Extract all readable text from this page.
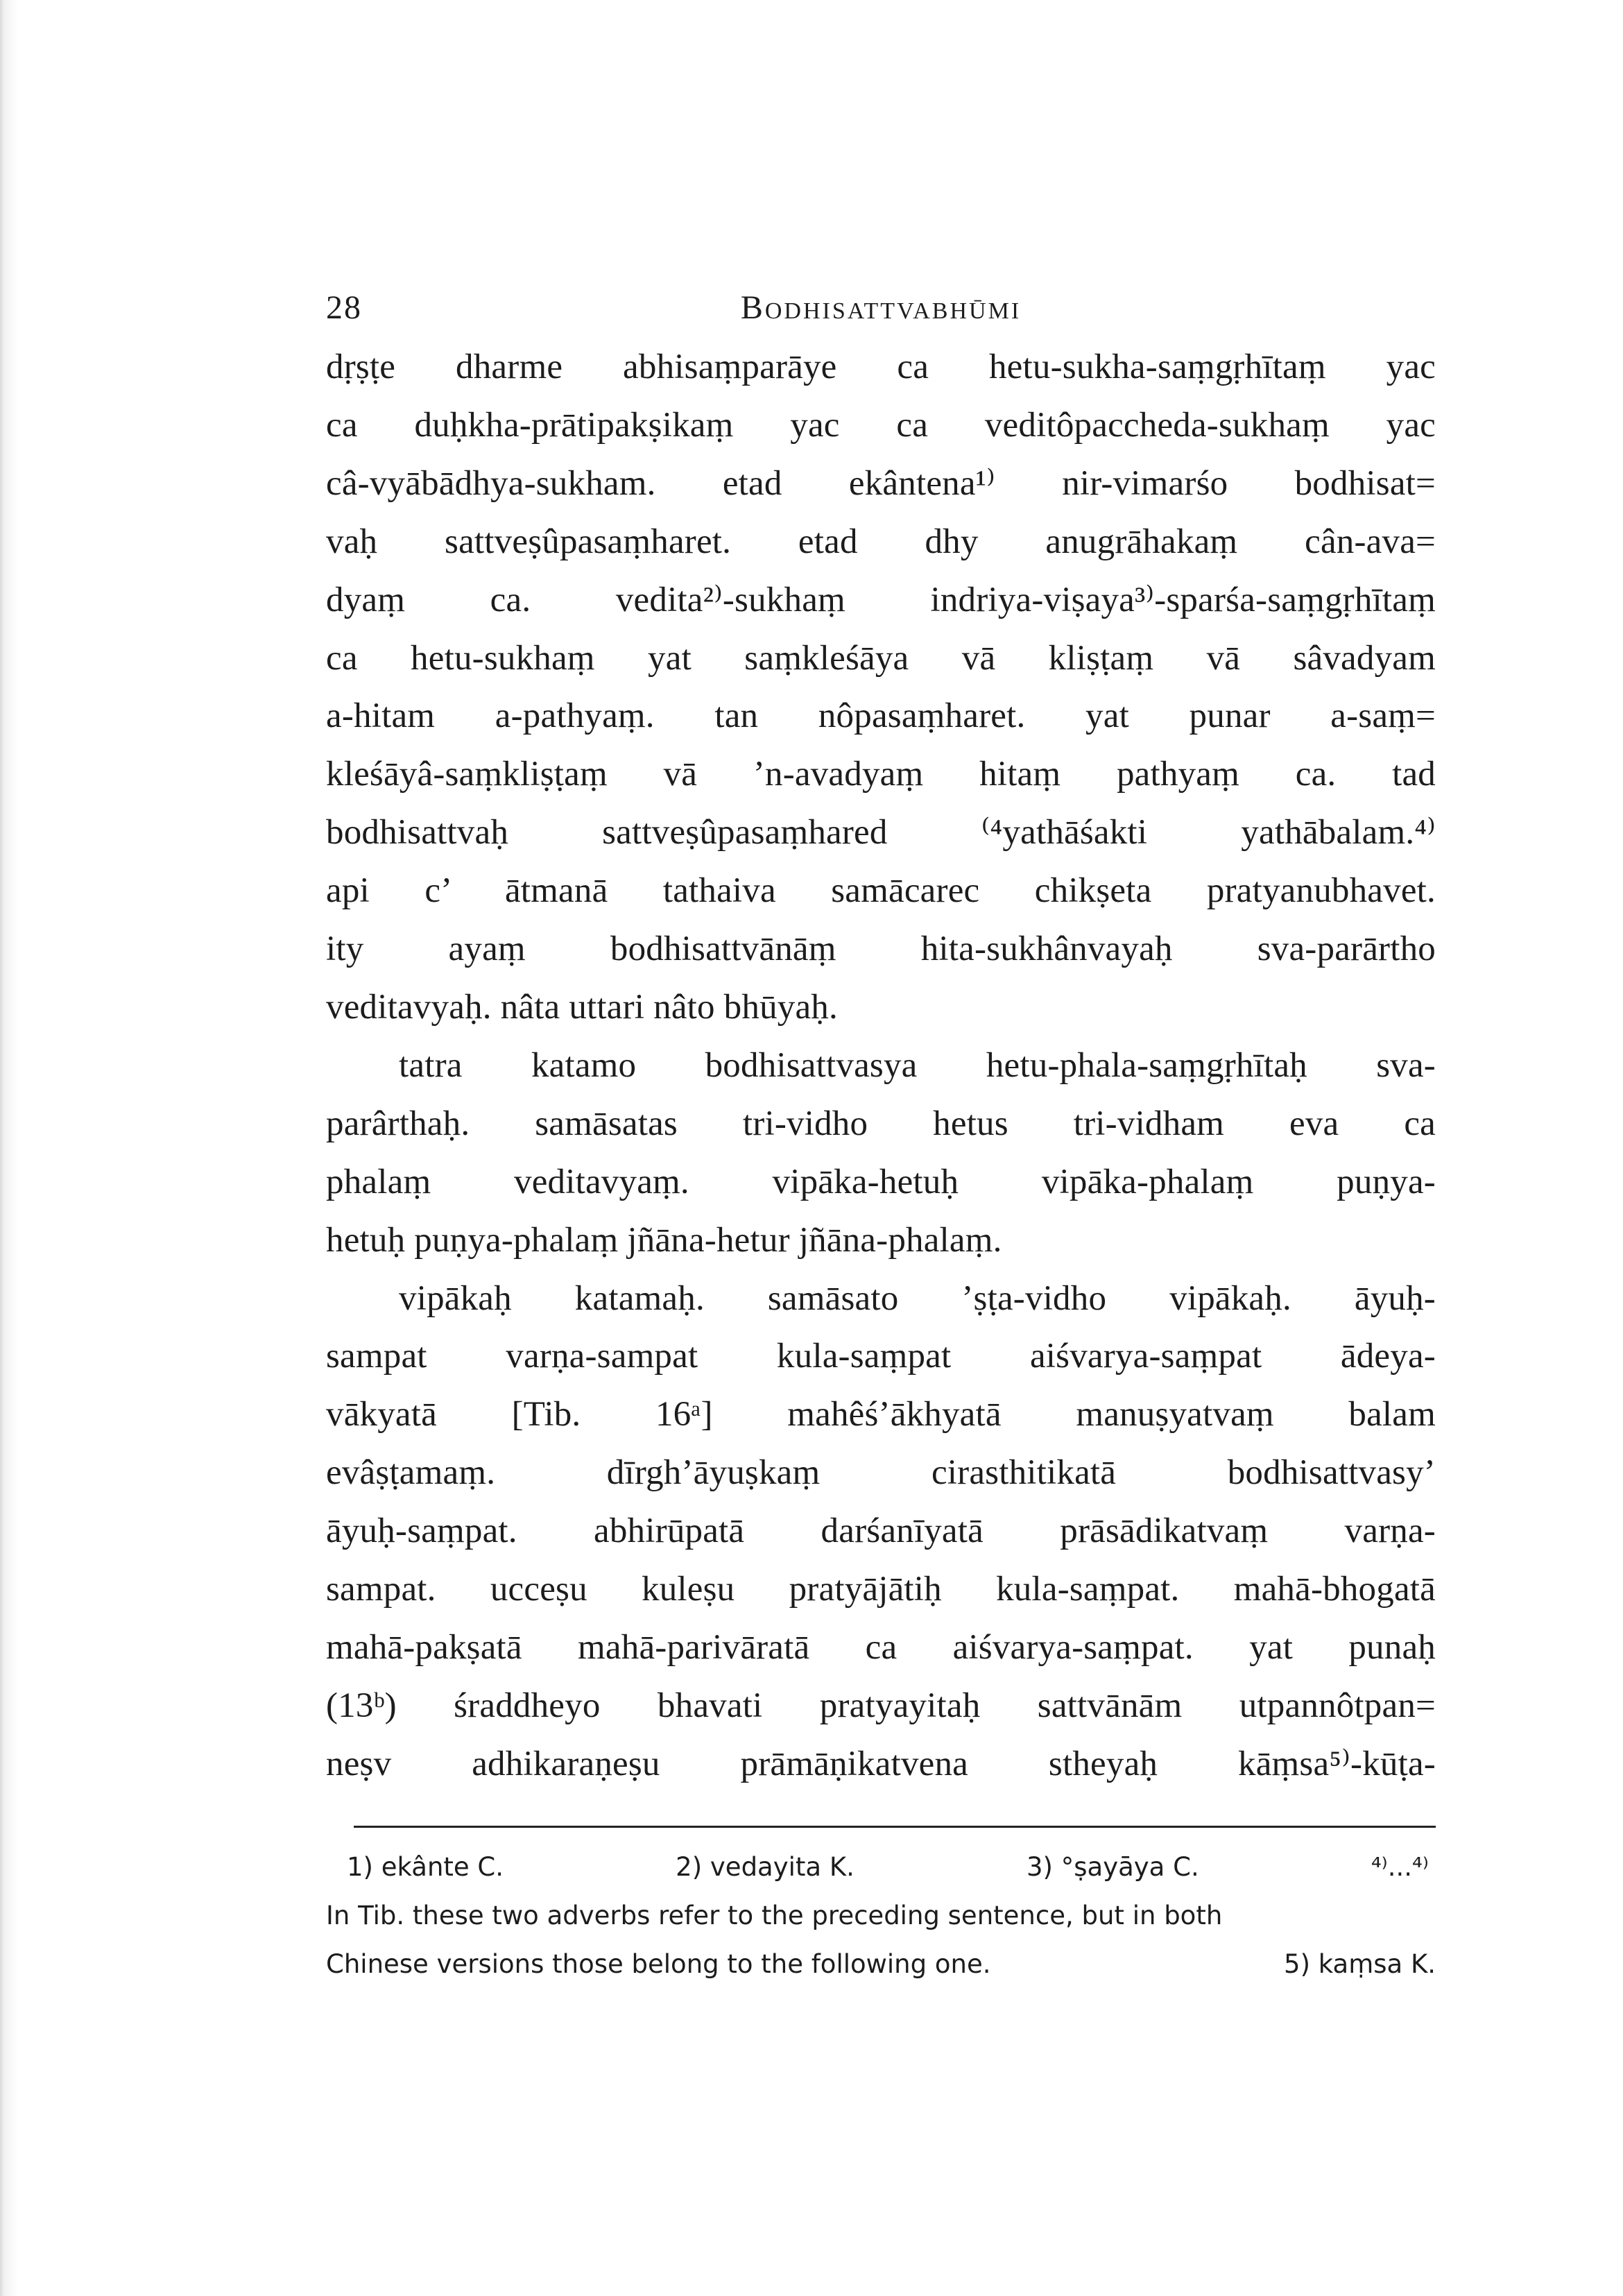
28	Bodhisattvabhūmi
dṛṣṭe dharme abhisaṃparāye ca hetu-sukha-saṃgṛhītaṃ yac
ca duḥkha-prātipakṣikaṃ yac ca veditôpaccheda-sukhaṃ yac
câ-vyābādhya-sukham. etad ekântena¹⁾ nir-vimarśo bodhisat=
vaḥ sattveṣûpasaṃharet. etad dhy anugrāhakaṃ cân-ava=
dyaṃ ca. vedita²⁾-sukhaṃ indriya-viṣaya³⁾-sparśa-saṃgṛhītaṃ
ca hetu-sukhaṃ yat saṃkleśāya vā kliṣṭaṃ vā sâvadyam
a-hitam a-pathyaṃ. tan nôpasaṃharet. yat punar a-saṃ=
kleśāyâ-saṃkliṣṭaṃ vā ’n-avadyaṃ hitaṃ pathyaṃ ca. tad
bodhisattvaḥ sattveṣûpasaṃhared ⁽⁴yathāśakti yathābalam.⁴⁾
api c’ ātmanā tathaiva samācarec chikṣeta pratyanubhavet.
ity ayaṃ bodhisattvānāṃ hita-sukhânvayaḥ sva-parārtho
veditavyaḥ. nâta uttari nâto bhūyaḥ.
tatra katamo bodhisattvasya hetu-phala-saṃgṛhītaḥ sva-
parârthaḥ. samāsatas tri-vidho hetus tri-vidham eva ca
phalaṃ veditavyaṃ. vipāka-hetuḥ vipāka-phalaṃ puṇya-
hetuḥ puṇya-phalaṃ jñāna-hetur jñāna-phalaṃ.
vipākaḥ katamaḥ. samāsato ’ṣṭa-vidho vipākaḥ. āyuḥ-
sampat varṇa-sampat kula-saṃpat aiśvarya-saṃpat ādeya-
vākyatā [Tib. 16ᵃ] mahêś’ākhyatā manuṣyatvaṃ balam
evâṣṭamaṃ. dīrgh’āyuṣkaṃ cirasthitikatā bodhisattvasy’
āyuḥ-saṃpat. abhirūpatā darśanīyatā prāsādikatvaṃ varṇa-
sampat. ucceṣu kuleṣu pratyājātiḥ kula-saṃpat. mahā-bhogatā
mahā-pakṣatā mahā-parivāratā ca aiśvarya-saṃpat. yat punaḥ
(13ᵇ) śraddheyo bhavati pratyayitaḥ sattvānām utpannôtpan=
neṣv adhikaraṇeṣu prāmāṇikatvena stheyaḥ kāṃsa⁵⁾-kūṭa-
1) ekânte C.	2) vedayita K.	3) °ṣayāya C.	⁴⁾...⁴⁾
In Tib. these two adverbs refer to the preceding sentence, but in both
Chinese versions those belong to the following one.	5) kaṃsa K.
